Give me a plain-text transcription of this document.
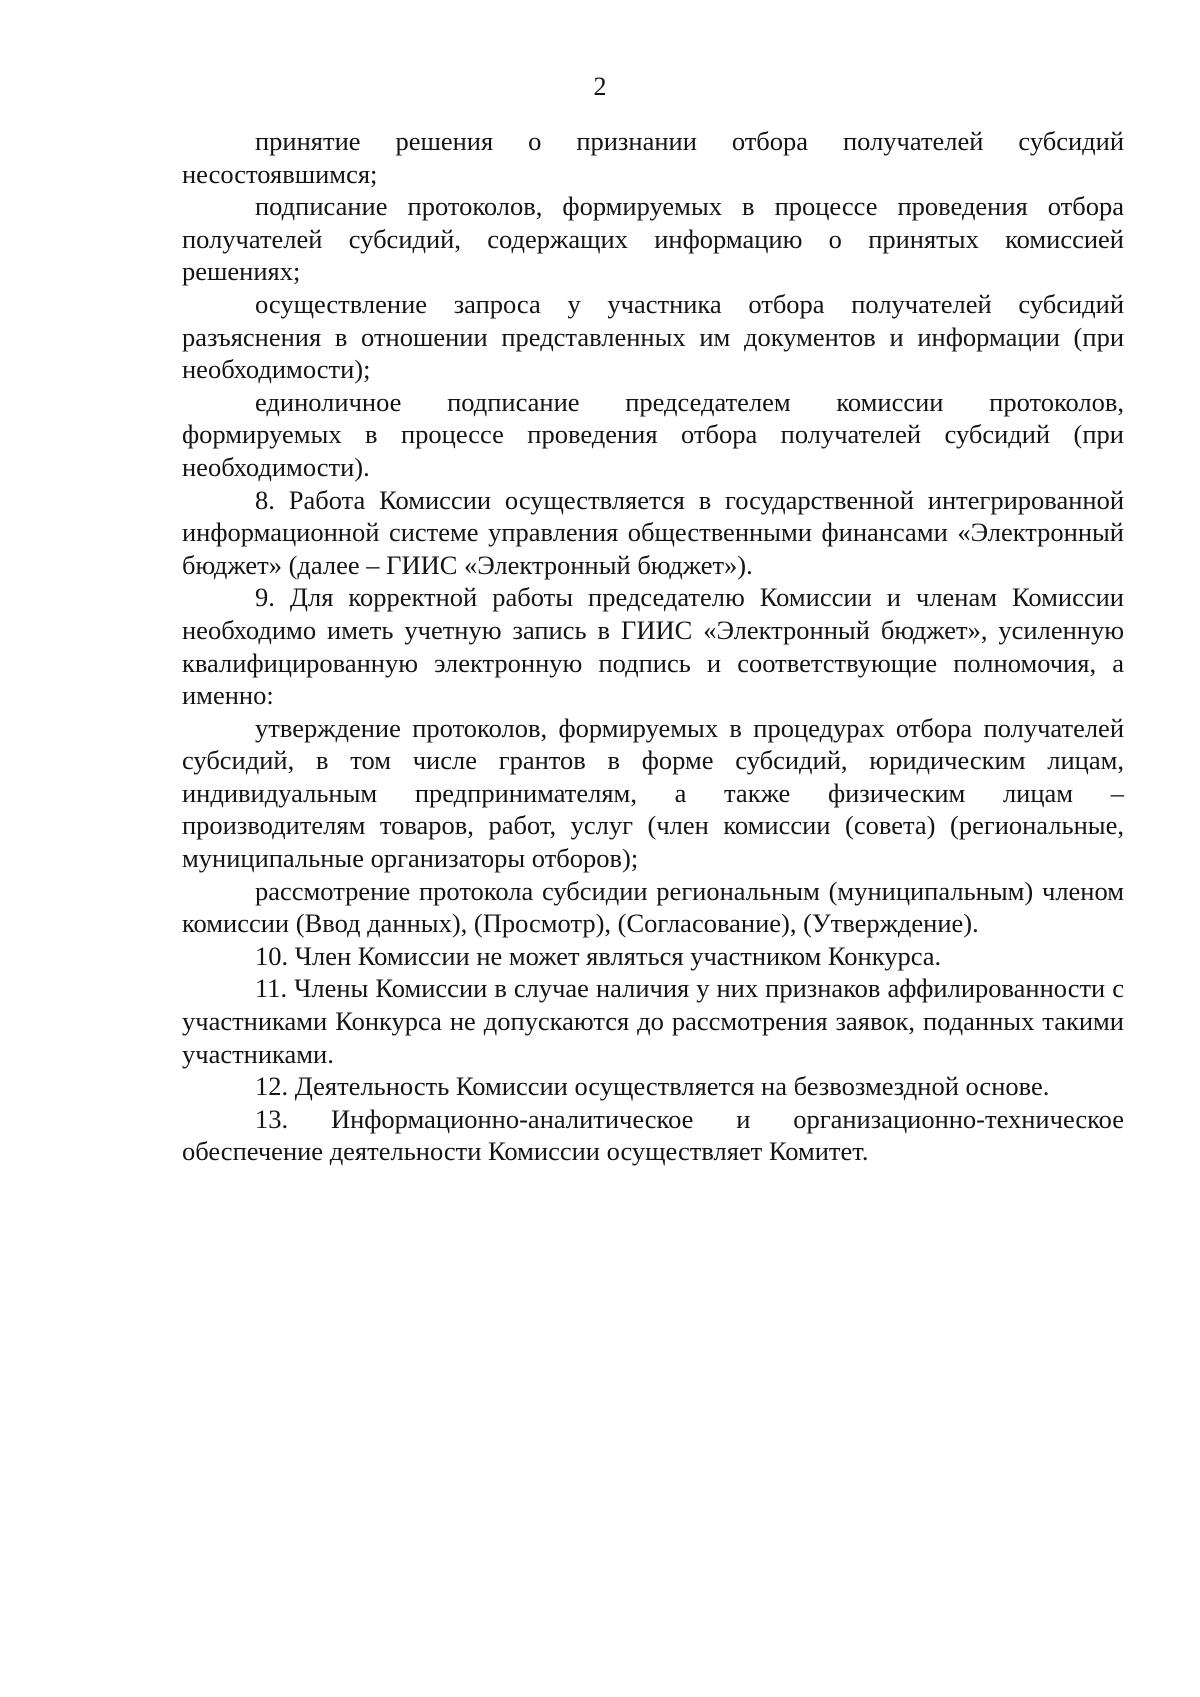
2

принятие решения о признании отбора получателей субсидий несостоявшимся;

подписание протоколов, формируемых в процессе проведения отбора получателей субсидий, содержащих информацию о принятых комиссией решениях;

осуществление запроса у участника отбора получателей субсидий разъяснения в отношении представленных им документов и информации (при необходимости);

единоличное подписание председателем комиссии протоколов, формируемых в процессе проведения отбора получателей субсидий (при необходимости).

8. Работа Комиссии осуществляется в государственной интегрированной информационной системе управления общественными финансами «Электронный бюджет» (далее – ГИИС «Электронный бюджет»).

9. Для корректной работы председателю Комиссии и членам Комиссии необходимо иметь учетную запись в ГИИС «Электронный бюджет», усиленную квалифицированную электронную подпись и соответствующие полномочия, а именно:

утверждение протоколов, формируемых в процедурах отбора получателей субсидий, в том числе грантов в форме субсидий, юридическим лицам, индивидуальным предпринимателям, а также физическим лицам – производителям товаров, работ, услуг (член комиссии (совета) (региональные, муниципальные организаторы отборов);

рассмотрение протокола субсидии региональным (муниципальным) членом комиссии (Ввод данных), (Просмотр), (Согласование), (Утверждение).

10. Член Комиссии не может являться участником Конкурса.

11. Члены Комиссии в случае наличия у них признаков аффилированности с участниками Конкурса не допускаются до рассмотрения заявок, поданных такими участниками.

12. Деятельность Комиссии осуществляется на безвозмездной основе.

13. Информационно-аналитическое и организационно-техническое обеспечение деятельности Комиссии осуществляет Комитет.
